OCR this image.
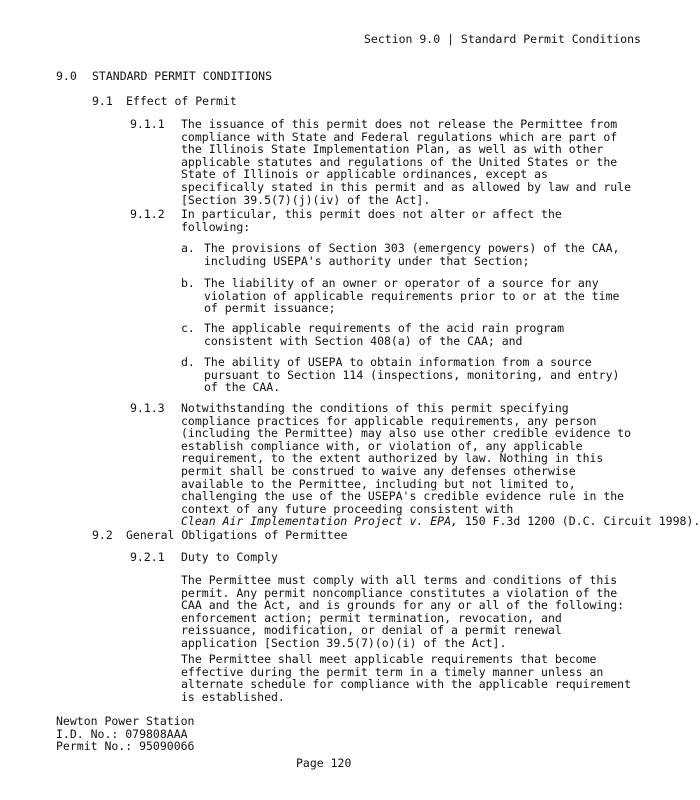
Section 9.0 | Standard Permit Conditions
9.0 STANDARD PERMIT CONDITIONS
9.1 Effect of Permit
9.1.1 The issuance of this permit does not release the Permittee from
compliance with State and Federal regulations which are part of
the Illinois State Implementation Plan, as well as with other
applicable statutes and regulations of the United States or the
State of Illinois or applicable ordinances, except as
specifically stated in this permit and as allowed by law and rule
[Section 39.5(7)(j)(iv) of the Act].
9.1.2 In particular, this permit does not alter or affect the
following:
a. The provisions of Section 303 (emergency powers) of the CAA,
including USEPA's authority under that Section;
b. The liability of an owner or operator of a source for any
violation of applicable requirements prior to or at the time
of permit issuance;
c. The applicable requirements of the acid rain program
consistent with Section 408(a) of the CAA; and
d. The ability of USEPA to obtain information from a source
pursuant to Section 114 (inspections, monitoring, and entry)
of the CAA.
9.1.3 Notwithstanding the conditions of this permit specifying
compliance practices for applicable requirements, any person
(including the Permittee) may also use other credible evidence to
establish compliance with, or violation of, any applicable
requirement, to the extent authorized by law. Nothing in this
permit shall be construed to waive any defenses otherwise
available to the Permittee, including but not limited to,
challenging the use of the USEPA's credible evidence rule in the
context of any future proceeding consistent with
Clean Air Implementation Project v. EPA, 150 F.3d 1200 (D.C. Circuit 1998).
9.2 General Obligations of Permittee
9.2.1 Duty to Comply
The Permittee must comply with all terms and conditions of this
permit. Any permit noncompliance constitutes a violation of the
CAA and the Act, and is grounds for any or all of the following:
enforcement action; permit termination, revocation, and
reissuance, modification, or denial of a permit renewal
application [Section 39.5(7)(o)(i) of the Act].
The Permittee shall meet applicable requirements that become
effective during the permit term in a timely manner unless an
alternate schedule for compliance with the applicable requirement
is established.
Newton Power Station
I.D. No.: 079808AAA
Permit No.: 95090066
Page 120
